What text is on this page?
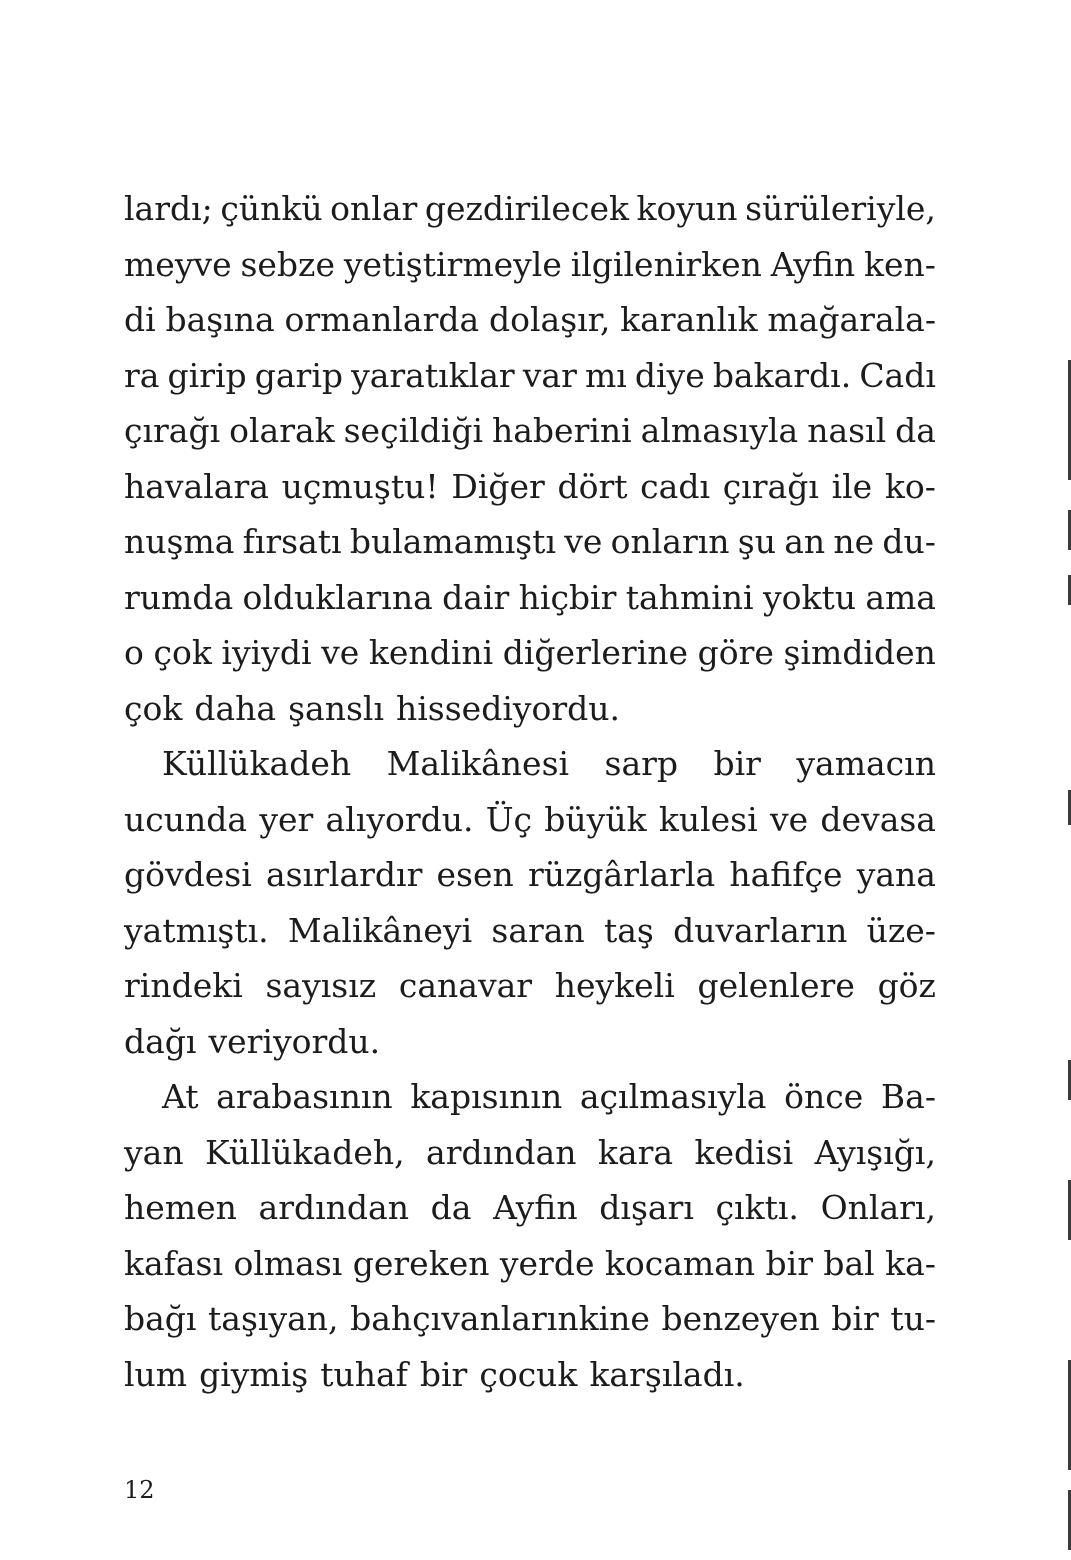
lardı; çünkü onlar gezdirilecek koyun sürüleriyle,
meyve sebze yetiştirmeyle ilgilenirken Ayfin ken-
di başına ormanlarda dolaşır, karanlık mağarala-
ra girip garip yaratıklar var mı diye bakardı. Cadı
çırağı olarak seçildiği haberini almasıyla nasıl da
havalara uçmuştu! Diğer dört cadı çırağı ile ko-
nuşma fırsatı bulamamıştı ve onların şu an ne du-
rumda olduklarına dair hiçbir tahmini yoktu ama
o çok iyiydi ve kendini diğerlerine göre şimdiden
çok daha şanslı hissediyordu.
Küllükadeh Malikânesi sarp bir yamacın
ucunda yer alıyordu. Üç büyük kulesi ve devasa
gövdesi asırlardır esen rüzgârlarla hafifçe yana
yatmıştı. Malikâneyi saran taş duvarların üze-
rindeki sayısız canavar heykeli gelenlere göz
dağı veriyordu.
At arabasının kapısının açılmasıyla önce Ba-
yan Küllükadeh, ardından kara kedisi Ayışığı,
hemen ardından da Ayfin dışarı çıktı. Onları,
kafası olması gereken yerde kocaman bir bal ka-
bağı taşıyan, bahçıvanlarınkine benzeyen bir tu-
lum giymiş tuhaf bir çocuk karşıladı.
12
